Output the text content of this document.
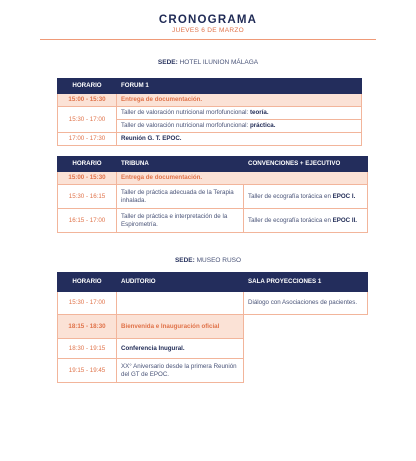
CRONOGRAMA
JUEVES 6 DE MARZO
SEDE: HOTEL ILUNION MÁLAGA
HORARIO	FORUM 1
15:00 - 15:30	Entrega de documentación.
15:30 - 17:00	Taller de valoración nutricional morfofuncional: teoría.
	Taller de valoración nutricional morfofuncional: práctica.
17:00 - 17:30	Reunión G. T. EPOC.
HORARIO	TRIBUNA	CONVENCIONES + EJECUTIVO
15:00 - 15:30	Entrega de documentación.	
15:30 - 16:15	Taller de práctica adecuada de la Terapia inhalada.	Taller de ecografía torácica en EPOC I.
16:15 - 17:00	Taller de práctica e interpretación de la Espirometría.	Taller de ecografía torácica en EPOC II.
SEDE: MUSEO RUSO
HORARIO	AUDITORIO	SALA PROYECCIONES 1
15:30 - 17:00		Diálogo con Asociaciones de pacientes.
18:15 - 18:30	Bienvenida e Inauguración oficial	
18:30 - 19:15	Conferencia Inugural.	
19:15 - 19:45	XX° Aniversario desde la primera Reunión del GT de EPOC.	
